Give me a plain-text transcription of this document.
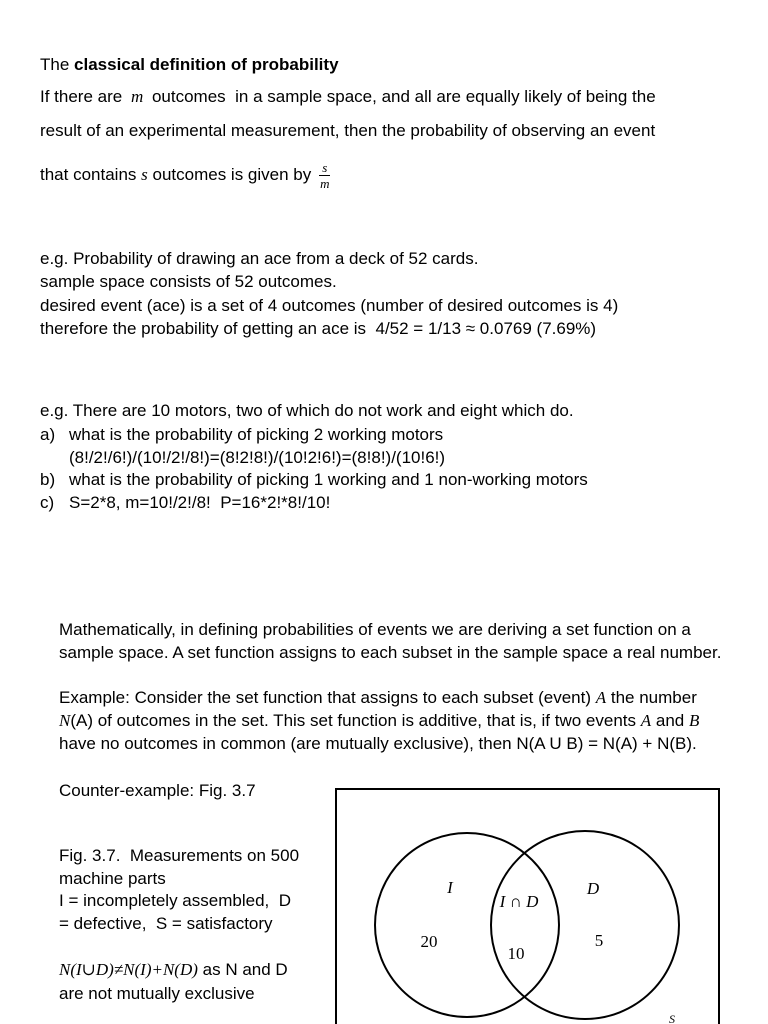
The classical definition of probability
If there are m outcomes  in a sample space, and all are equally likely of being the
result of an experimental measurement, then the probability of observing an event
that contains s outcomes is given by $\frac{s}{m}$
e.g. Probability of drawing an ace from a deck of 52 cards.
sample space consists of 52 outcomes.
desired event (ace) is a set of 4 outcomes (number of desired outcomes is 4)
therefore the probability of getting an ace is  4/52 = 1/13 ≈ 0.0769 (7.69%)
e.g. There are 10 motors, two of which do not work and eight which do.
a) what is the probability of picking 2 working motors
(8!/2!/6!)/(10!/2!/8!)=(8!2!8!)/(10!2!6!)=(8!8!)/(10!6!)
b) what is the probability of picking 1 working and 1 non-working motors
c) S=2*8, m=10!/2!/8!  P=16*2!*8!/10!
Mathematically, in defining probabilities of events we are deriving a set function on a
sample space. A set function assigns to each subset in the sample space a real number.
Example: Consider the set function that assigns to each subset (event) A the number
N(A) of outcomes in the set. This set function is additive, that is, if two events A and B
have no outcomes in common (are mutually exclusive), then N(A U B) = N(A) + N(B).
Counter-example: Fig. 3.7
Fig. 3.7.  Measurements on 500
machine parts
I = incompletely assembled,  D
= defective,  S = satisfactory
N(I∪D)≠N(I)+N(D) as N and D
are not mutually exclusive
I
I ∩ D
D
20
10
5
S
